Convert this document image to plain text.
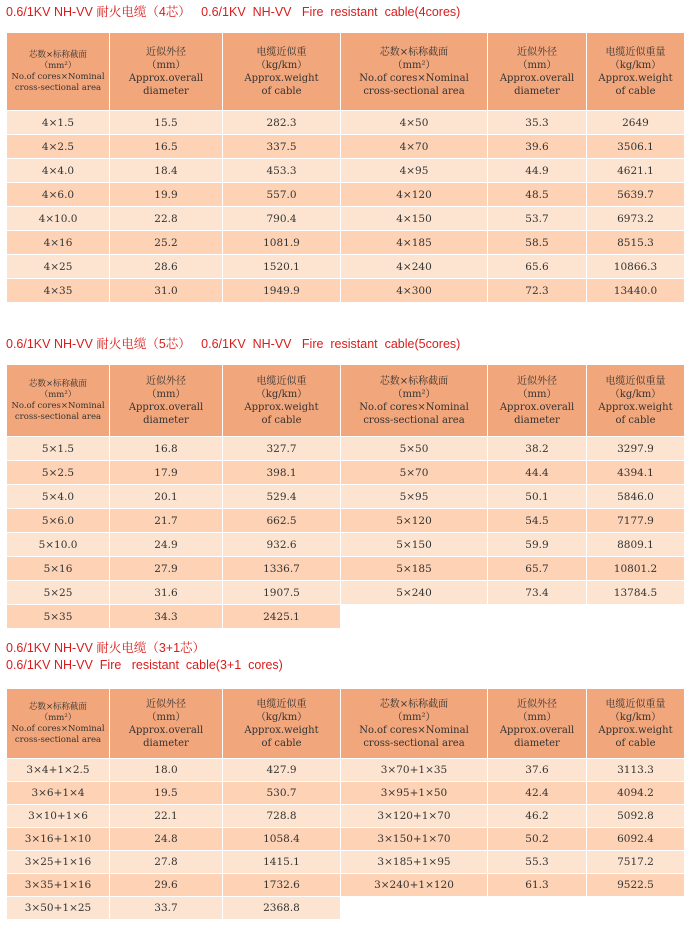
0.6/1KV NH-VV 耐火电缆（4芯）   0.6/1KV  NH-VV   Fire  resistant  cable(4cores)
芯数×标称截面
（mm²）
No.of cores×Nominal
cross-sectional area	近似外径
（mm）
Approx.overall
diameter	电缆近似重
（kg/km）
Approx.weight
of cable	芯数×标称截面
（mm²）
No.of cores×Nominal
cross-sectional area	近似外径
（mm）
Approx.overall
diameter	电缆近似重量
（kg/km）
Approx.weight
of cable

4×1.5	15.5	282.3	4×50	35.3	2649
4×2.5	16.5	337.5	4×70	39.6	3506.1
4×4.0	18.4	453.3	4×95	44.9	4621.1
4×6.0	19.9	557.0	4×120	48.5	5639.7
4×10.0	22.8	790.4	4×150	53.7	6973.2
4×16	25.2	1081.9	4×185	58.5	8515.3
4×25	28.6	1520.1	4×240	65.6	10866.3
4×35	31.0	1949.9	4×300	72.3	13440.0
0.6/1KV NH-VV 耐火电缆（5芯）   0.6/1KV  NH-VV   Fire  resistant  cable(5cores)
芯数×标称截面
（mm²）
No.of cores×Nominal
cross-sectional area	近似外径
（mm）
Approx.overall
diameter	电缆近似重
（kg/km）
Approx.weight
of cable	芯数×标称截面
（mm²）
No.of cores×Nominal
cross-sectional area	近似外径
（mm）
Approx.overall
diameter	电缆近似重量
（kg/km）
Approx.weight
of cable

5×1.5	16.8	327.7	5×50	38.2	3297.9
5×2.5	17.9	398.1	5×70	44.4	4394.1
5×4.0	20.1	529.4	5×95	50.1	5846.0
5×6.0	21.7	662.5	5×120	54.5	7177.9
5×10.0	24.9	932.6	5×150	59.9	8809.1
5×16	27.9	1336.7	5×185	65.7	10801.2
5×25	31.6	1907.5	5×240	73.4	13784.5
5×35	34.3	2425.1			
0.6/1KV NH-VV 耐火电缆（3+1芯）
0.6/1KV NH-VV  Fire   resistant  cable(3+1  cores)
芯数×标称截面
（mm²）
No.of cores×Nominal
cross-sectional area	近似外径
（mm）
Approx.overall
diameter	电缆近似重
（kg/km）
Approx.weight
of cable	芯数×标称截面
（mm²）
No.of cores×Nominal
cross-sectional area	近似外径
（mm）
Approx.overall
diameter	电缆近似重量
（kg/km）
Approx.weight
of cable

3×4+1×2.5	18.0	427.9	3×70+1×35	37.6	3113.3
3×6+1×4	19.5	530.7	3×95+1×50	42.4	4094.2
3×10+1×6	22.1	728.8	3×120+1×70	46.2	5092.8
3×16+1×10	24.8	1058.4	3×150+1×70	50.2	6092.4
3×25+1×16	27.8	1415.1	3×185+1×95	55.3	7517.2
3×35+1×16	29.6	1732.6	3×240+1×120	61.3	9522.5
3×50+1×25	33.7	2368.8			
